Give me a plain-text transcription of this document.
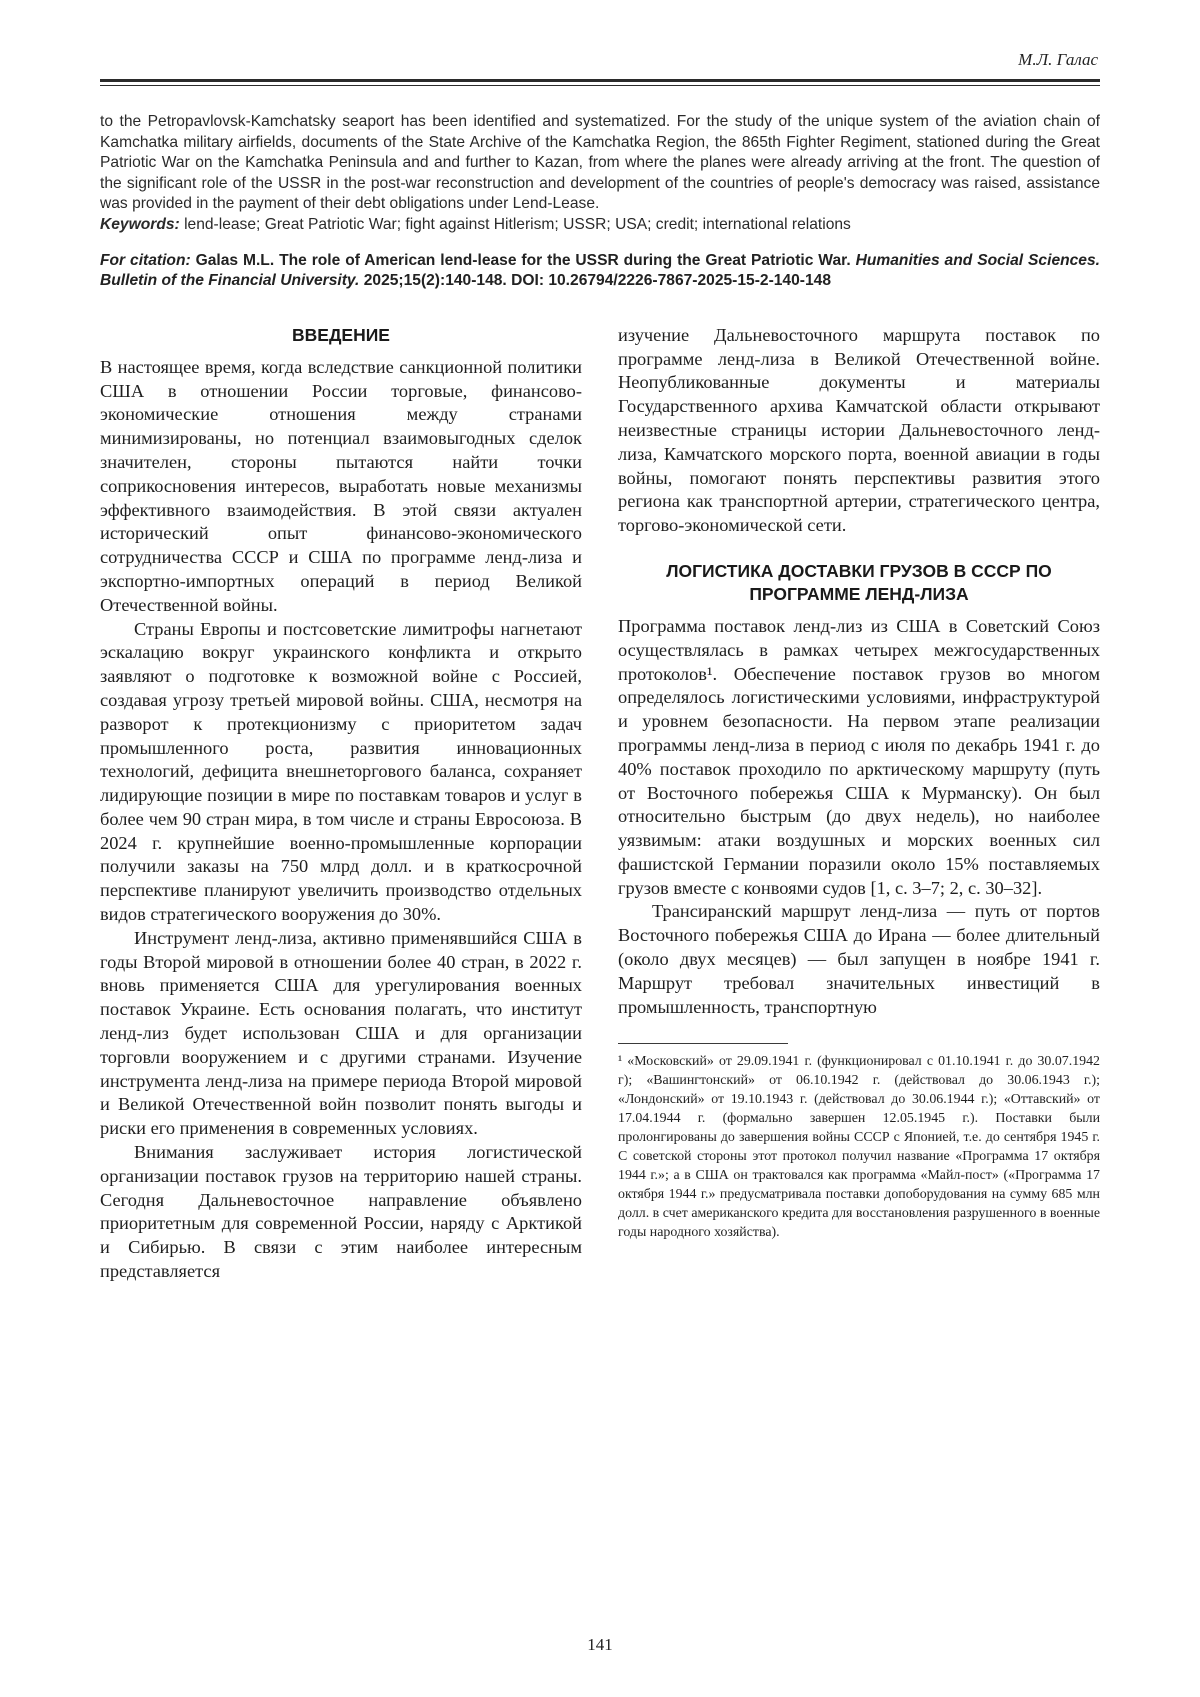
М.Л. Галас

to the Petropavlovsk-Kamchatsky seaport has been identified and systematized. For the study of the unique system of the aviation chain of Kamchatka military airfields, documents of the State Archive of the Kamchatka Region, the 865th Fighter Regiment, stationed during the Great Patriotic War on the Kamchatka Peninsula and and further to Kazan, from where the planes were already arriving at the front. The question of the significant role of the USSR in the post-war reconstruction and development of the countries of people's democracy was raised, assistance was provided in the payment of their debt obligations under Lend-Lease.

Keywords: lend-lease; Great Patriotic War; fight against Hitlerism; USSR; USA; credit; international relations

For citation: Galas M.L. The role of American lend-lease for the USSR during the Great Patriotic War. Humanities and Social Sciences. Bulletin of the Financial University. 2025;15(2):140-148. DOI: 10.26794/2226-7867-2025-15-2-140-148

ВВЕДЕНИЕ

В настоящее время, когда вследствие санкционной политики США в отношении России торговые, финансово-экономические отношения между странами минимизированы, но потенциал взаимовыгодных сделок значителен, стороны пытаются найти точки соприкосновения интересов, выработать новые механизмы эффективного взаимодействия. В этой связи актуален исторический опыт финансово-экономического сотрудничества СССР и США по программе ленд-лиза и экспортно-импортных операций в период Великой Отечественной войны.

Страны Европы и постсоветские лимитрофы нагнетают эскалацию вокруг украинского конфликта и открыто заявляют о подготовке к возможной войне с Россией, создавая угрозу третьей мировой войны. США, несмотря на разворот к протекционизму с приоритетом задач промышленного роста, развития инновационных технологий, дефицита внешнеторгового баланса, сохраняет лидирующие позиции в мире по поставкам товаров и услуг в более чем 90 стран мира, в том числе и страны Евросоюза. В 2024 г. крупнейшие военно-промышленные корпорации получили заказы на 750 млрд долл. и в краткосрочной перспективе планируют увеличить производство отдельных видов стратегического вооружения до 30%.

Инструмент ленд-лиза, активно применявшийся США в годы Второй мировой в отношении более 40 стран, в 2022 г. вновь применяется США для урегулирования военных поставок Украине. Есть основания полагать, что институт ленд-лиз будет использован США и для организации торговли вооружением и с другими странами. Изучение инструмента ленд-лиза на примере периода Второй мировой и Великой Отечественной войн позволит понять выгоды и риски его применения в современных условиях.

Внимания заслуживает история логистической организации поставок грузов на территорию нашей страны. Сегодня Дальневосточное направление объявлено приоритетным для современной России, наряду с Арктикой и Сибирью. В связи с этим наиболее интересным представляется

изучение Дальневосточного маршрута поставок по программе ленд-лиза в Великой Отечественной войне. Неопубликованные документы и материалы Государственного архива Камчатской области открывают неизвестные страницы истории Дальневосточного ленд-лиза, Камчатского морского порта, военной авиации в годы войны, помогают понять перспективы развития этого региона как транспортной артерии, стратегического центра, торгово-экономической сети.

ЛОГИСТИКА ДОСТАВКИ ГРУЗОВ В СССР ПО ПРОГРАММЕ ЛЕНД-ЛИЗА

Программа поставок ленд-лиз из США в Советский Союз осуществлялась в рамках четырех межгосударственных протоколов¹. Обеспечение поставок грузов во многом определялось логистическими условиями, инфраструктурой и уровнем безопасности. На первом этапе реализации программы ленд-лиза в период с июля по декабрь 1941 г. до 40% поставок проходило по арктическому маршруту (путь от Восточного побережья США к Мурманску). Он был относительно быстрым (до двух недель), но наиболее уязвимым: атаки воздушных и морских военных сил фашистской Германии поразили около 15% поставляемых грузов вместе с конвоями судов [1, с. 3–7; 2, с. 30–32].

Трансиранский маршрут ленд-лиза — путь от портов Восточного побережья США до Ирана — более длительный (около двух месяцев) — был запущен в ноябре 1941 г. Маршрут требовал значительных инвестиций в промышленность, транспортную

¹ «Московский» от 29.09.1941 г. (функционировал с 01.10.1941 г. до 30.07.1942 г); «Вашингтонский» от 06.10.1942 г. (действовал до 30.06.1943 г.); «Лондонский» от 19.10.1943 г. (действовал до 30.06.1944 г.); «Оттавский» от 17.04.1944 г. (формально завершен 12.05.1945 г.). Поставки были пролонгированы до завершения войны СССР с Японией, т.е. до сентября 1945 г. С советской стороны этот протокол получил название «Программа 17 октября 1944 г.»; а в США он трактовался как программа «Майл-пост» («Программа 17 октября 1944 г.» предусматривала поставки допоборудования на сумму 685 млн долл. в счет американского кредита для восстановления разрушенного в военные годы народного хозяйства).

141
